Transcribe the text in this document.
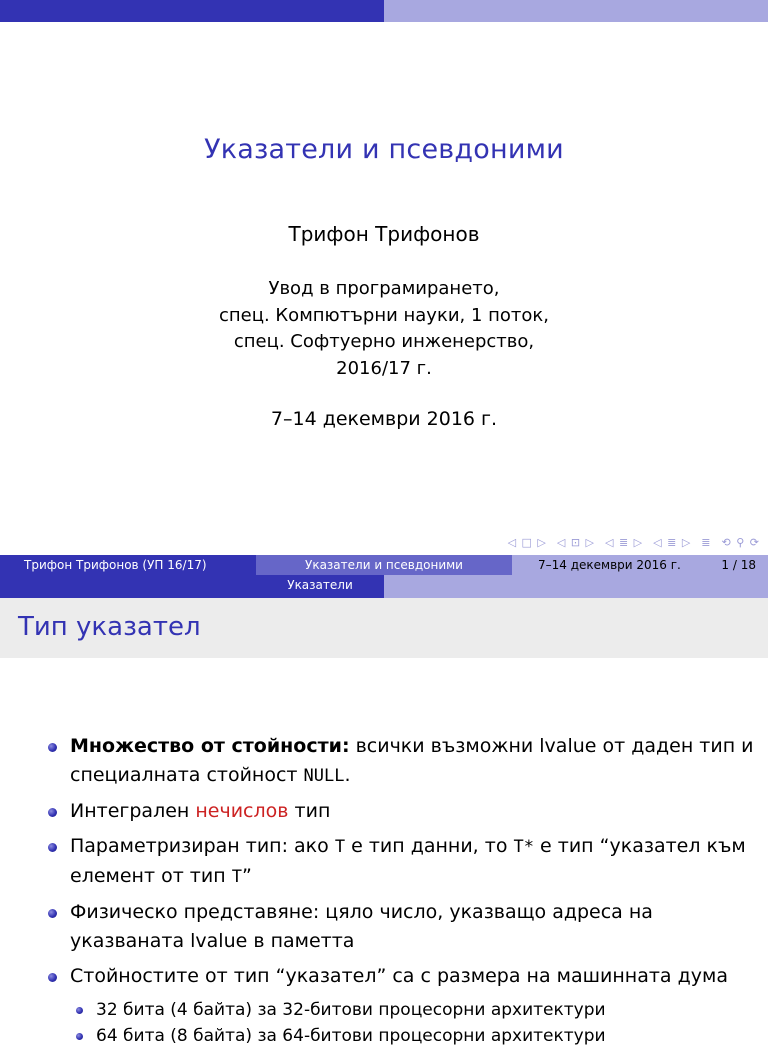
Указатели и псевдоними
Трифон Трифонов
Увод в програмирането,
спец. Компютърни науки, 1 поток,
спец. Софтуерно инженерство,
2016/17 г.
7–14 декември 2016 г.
◁ □ ▷ ◁ ⊡ ▷ ◁ ≣ ▷ ◁ ≣ ▷ ≣ ⟲ ⚲ ⟳
Трифон Трифонов (УП 16/17)	Указатели и псевдоними	7–14 декември 2016 г.	1 / 18
Указатели
Тип указател
Множество от стойности: всички възможни lvalue от даден тип и специалната стойност NULL.
Интегрален нечислов тип
Параметризиран тип: ако T е тип данни, то T* е тип “указател към елемент от тип T”
Физическо представяне: цяло число, указващо адреса на указваната lvalue в паметта
Стойностите от тип “указател” са с размера на машинната дума
32 бита (4 байта) за 32-битови процесорни архитектури
64 бита (8 байта) за 64-битови процесорни архитектури
